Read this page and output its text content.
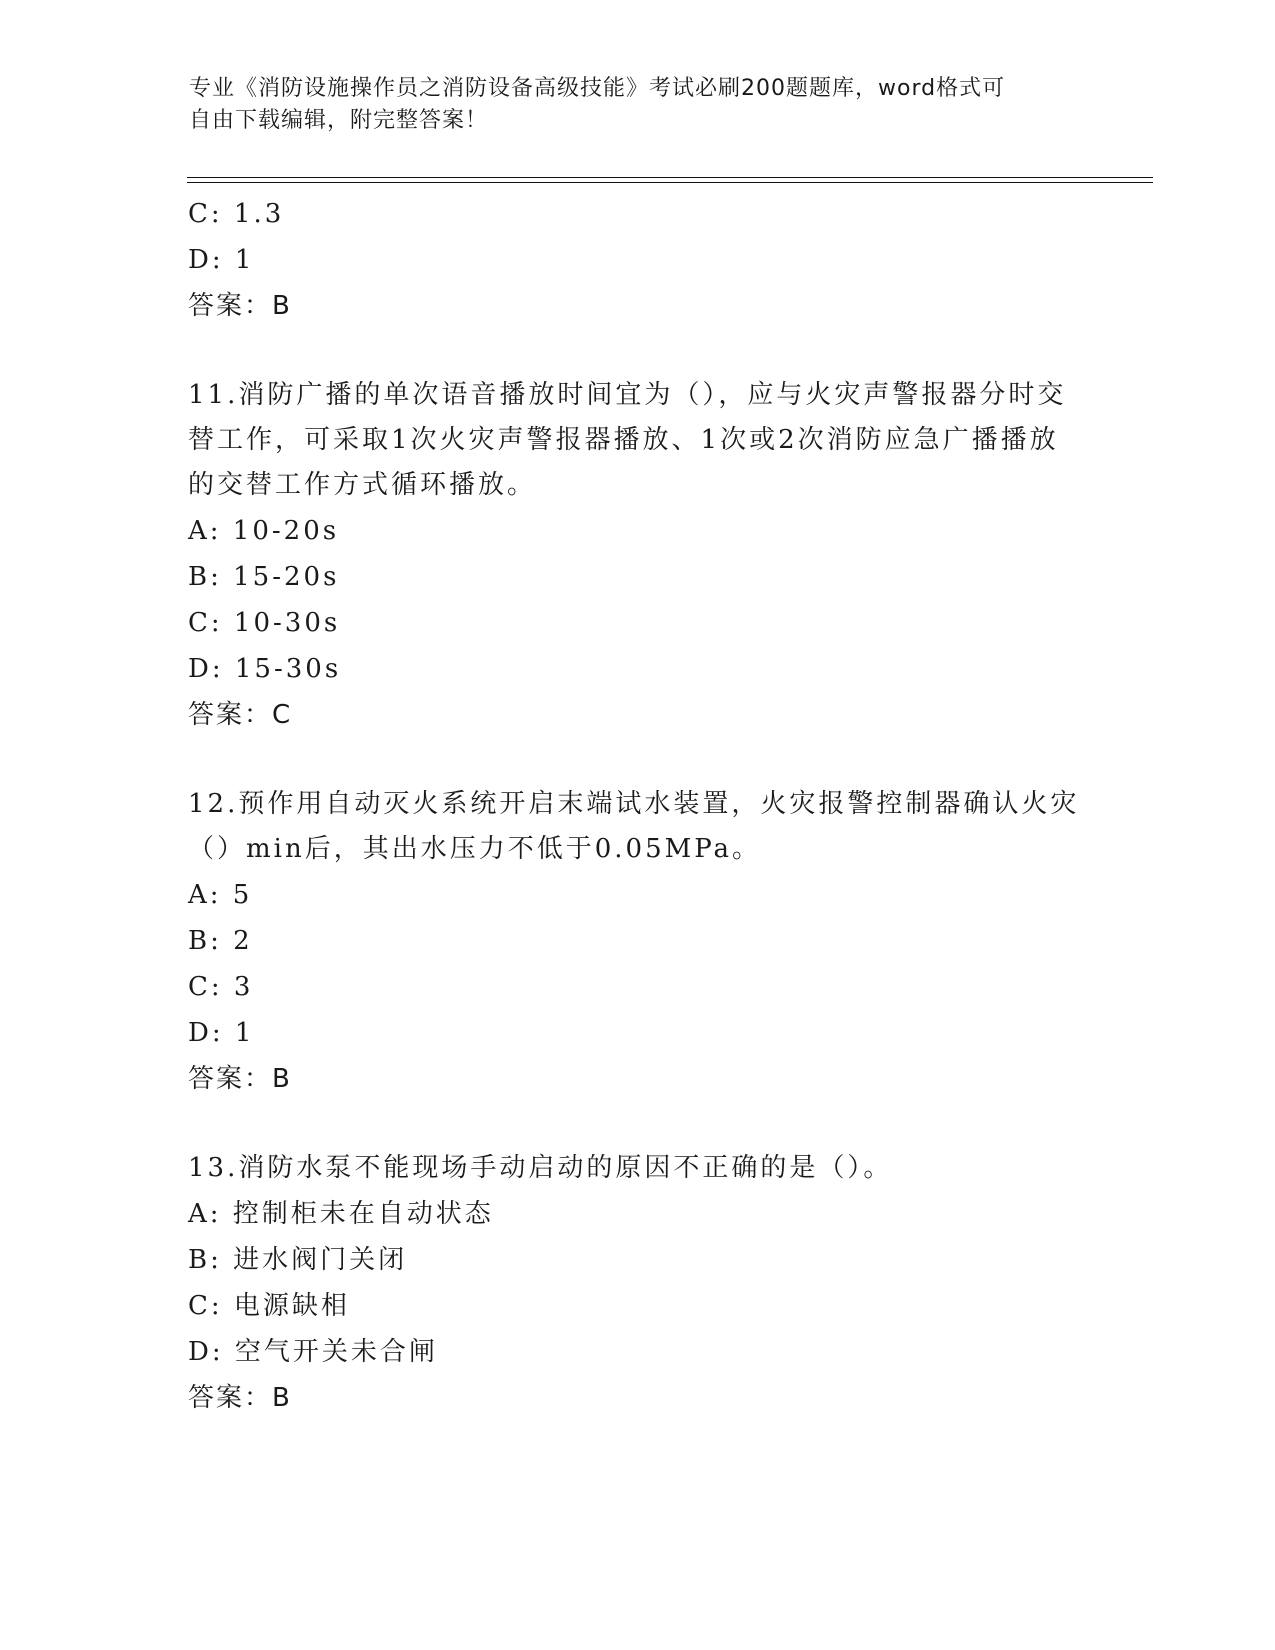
专业《消防设施操作员之消防设备高级技能》考试必刷200题题库，word格式可
自由下载编辑，附完整答案！
C: 1.3
D: 1
答案：B
11.消防广播的单次语音播放时间宜为（），应与火灾声警报器分时交
替工作，可采取1次火灾声警报器播放、1次或2次消防应急广播播放
的交替工作方式循环播放。
A: 10-20s
B: 15-20s
C: 10-30s
D: 15-30s
答案：C
12.预作用自动灭火系统开启末端试水装置，火灾报警控制器确认火灾
（）min后，其出水压力不低于0.05MPa。
A: 5
B: 2
C: 3
D: 1
答案：B
13.消防水泵不能现场手动启动的原因不正确的是（）。
A: 控制柜未在自动状态
B: 进水阀门关闭
C: 电源缺相
D: 空气开关未合闸
答案：B
